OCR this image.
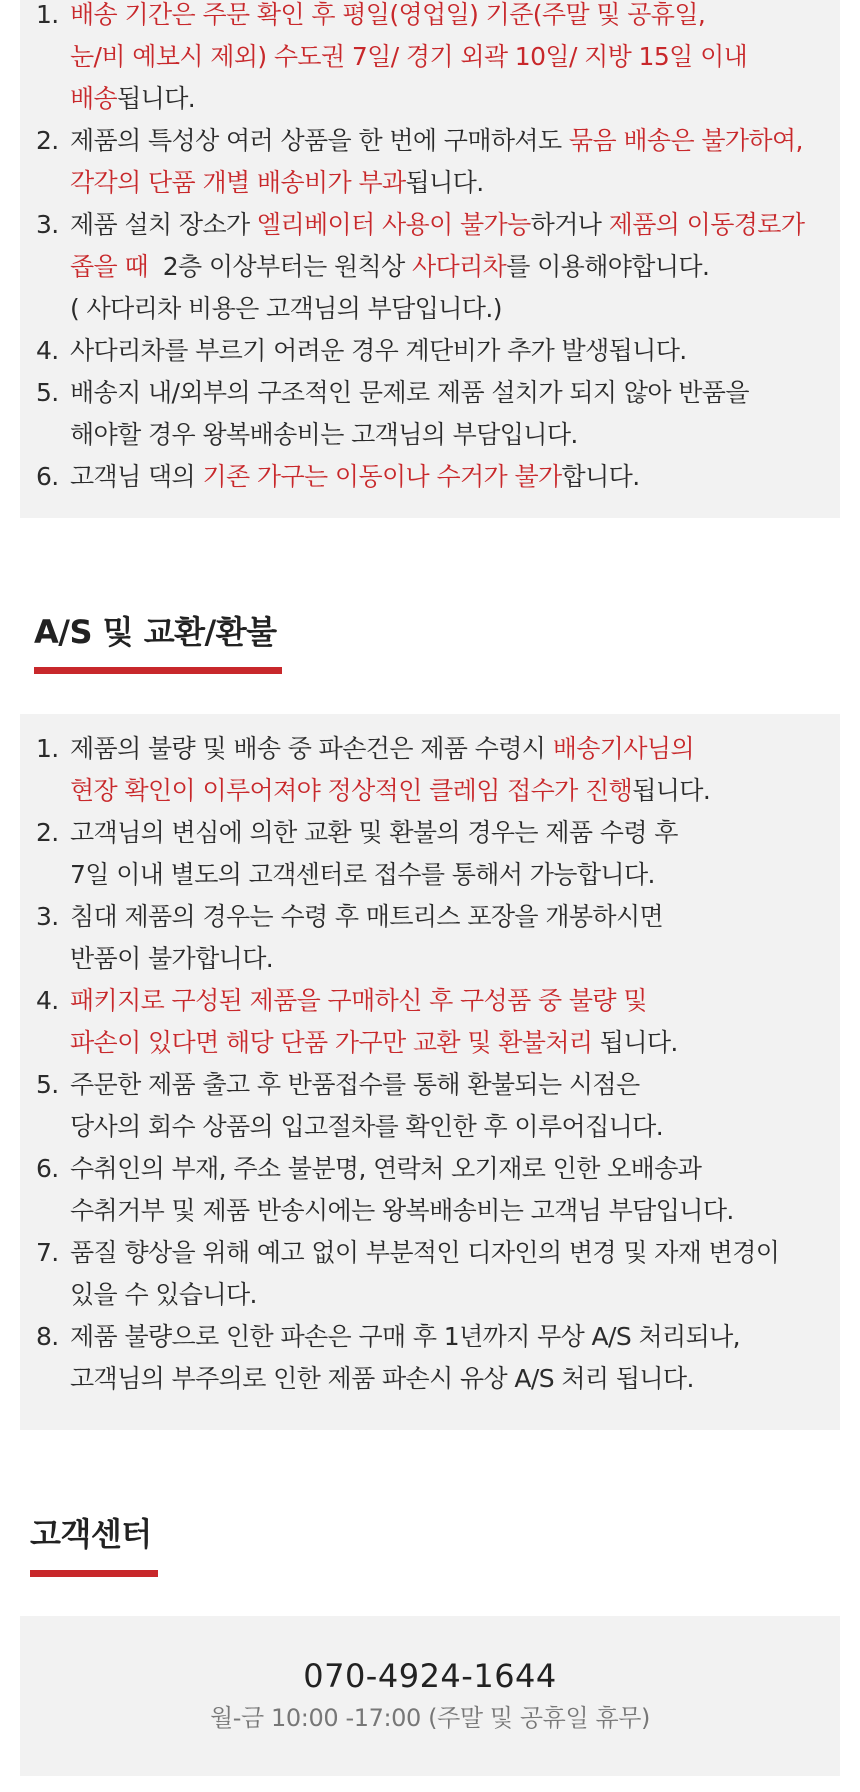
1. 배송 기간은 주문 확인 후 평일(영업일) 기준(주말 및 공휴일,
눈/비 예보시 제외) 수도권 7일/ 경기 외곽 10일/ 지방 15일 이내
배송됩니다.
2. 제품의 특성상 여러 상품을 한 번에 구매하셔도 묶음 배송은 불가하여,
각각의 단품 개별 배송비가 부과됩니다.
3. 제품 설치 장소가 엘리베이터 사용이 불가능하거나 제품의 이동경로가
좁을 때  2층 이상부터는 원칙상 사다리차를 이용해야합니다.
( 사다리차 비용은 고객님의 부담입니다.)
4. 사다리차를 부르기 어려운 경우 계단비가 추가 발생됩니다.
5. 배송지 내/외부의 구조적인 문제로 제품 설치가 되지 않아 반품을
해야할 경우 왕복배송비는 고객님의 부담입니다.
6. 고객님 댁의 기존 가구는 이동이나 수거가 불가합니다.
A/S 및 교환/환불
1. 제품의 불량 및 배송 중 파손건은 제품 수령시 배송기사님의
현장 확인이 이루어져야 정상적인 클레임 접수가 진행됩니다.
2. 고객님의 변심에 의한 교환 및 환불의 경우는 제품 수령 후
7일 이내 별도의 고객센터로 접수를 통해서 가능합니다.
3. 침대 제품의 경우는 수령 후 매트리스 포장을 개봉하시면
반품이 불가합니다.
4. 패키지로 구성된 제품을 구매하신 후 구성품 중 불량 및
파손이 있다면 해당 단품 가구만 교환 및 환불처리 됩니다.
5. 주문한 제품 출고 후 반품접수를 통해 환불되는 시점은
당사의 회수 상품의 입고절차를 확인한 후 이루어집니다.
6. 수취인의 부재, 주소 불분명, 연락처 오기재로 인한 오배송과
수취거부 및 제품 반송시에는 왕복배송비는 고객님 부담입니다.
7. 품질 향상을 위해 예고 없이 부분적인 디자인의 변경 및 자재 변경이
있을 수 있습니다.
8. 제품 불량으로 인한 파손은 구매 후 1년까지 무상 A/S 처리되나,
고객님의 부주의로 인한 제품 파손시 유상 A/S 처리 됩니다.
고객센터
070-4924-1644
월-금 10:00 -17:00 (주말 및 공휴일 휴무)
